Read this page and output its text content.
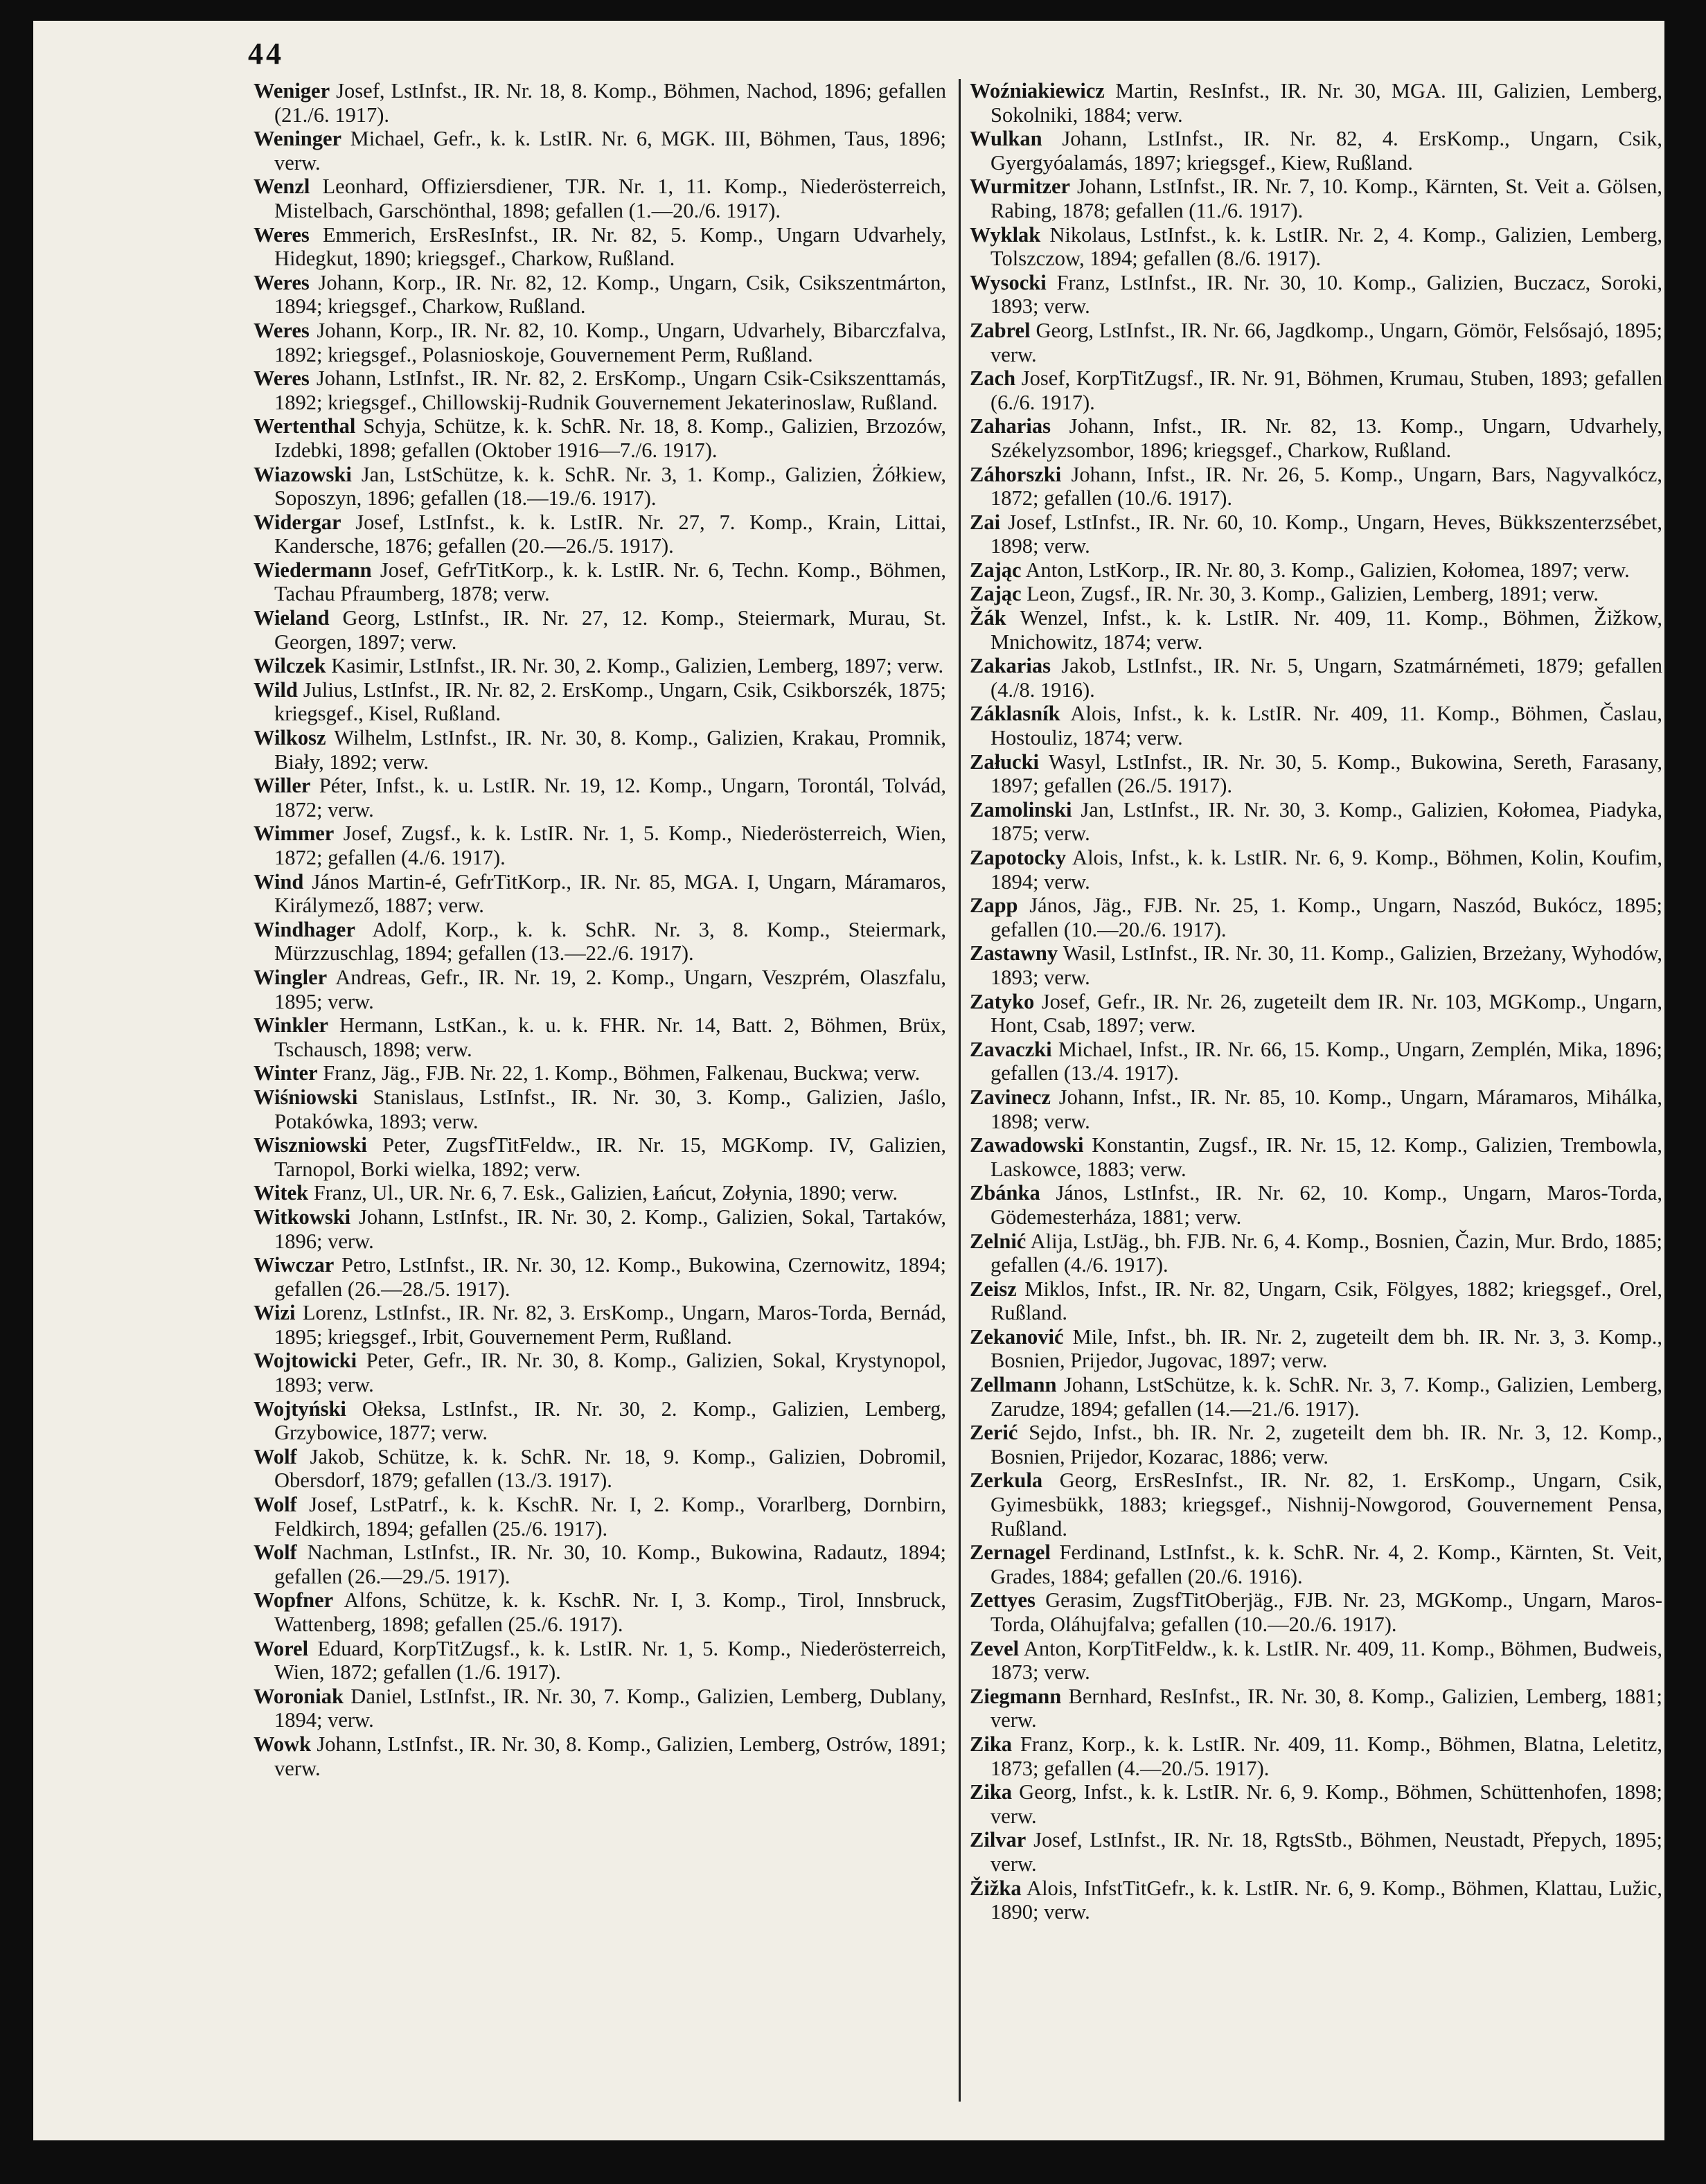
44

Weniger Josef, LstInfst., IR. Nr. 18, 8. Komp., Böhmen, Nachod, 1896; gefallen (21./6. 1917).

Weninger Michael, Gefr., k. k. LstIR. Nr. 6, MGK. III, Böhmen, Taus, 1896; verw.

Wenzl Leonhard, Offiziersdiener, TJR. Nr. 1, 11. Komp., Niederösterreich, Mistelbach, Garschönthal, 1898; gefallen (1.—20./6. 1917).

Weres Emmerich, ErsResInfst., IR. Nr. 82, 5. Komp., Ungarn Udvarhely, Hidegkut, 1890; kriegsgef., Charkow, Rußland.

Weres Johann, Korp., IR. Nr. 82, 12. Komp., Ungarn, Csik, Csikszentmárton, 1894; kriegsgef., Charkow, Rußland.

Weres Johann, Korp., IR. Nr. 82, 10. Komp., Ungarn, Udvarhely, Bibarczfalva, 1892; kriegsgef., Polasnioskoje, Gouvernement Perm, Rußland.

Weres Johann, LstInfst., IR. Nr. 82, 2. ErsKomp., Ungarn Csik-Csikszenttamás, 1892; kriegsgef., Chillowskij-Rudnik Gouvernement Jekaterinoslaw, Rußland.

Wertenthal Schyja, Schütze, k. k. SchR. Nr. 18, 8. Komp., Galizien, Brzozów, Izdebki, 1898; gefallen (Oktober 1916—7./6. 1917).

Wiazowski Jan, LstSchütze, k. k. SchR. Nr. 3, 1. Komp., Galizien, Żółkiew, Soposzyn, 1896; gefallen (18.—19./6. 1917).

Widergar Josef, LstInfst., k. k. LstIR. Nr. 27, 7. Komp., Krain, Littai, Kandersche, 1876; gefallen (20.—26./5. 1917).

Wiedermann Josef, GefrTitKorp., k. k. LstIR. Nr. 6, Techn. Komp., Böhmen, Tachau Pfraumberg, 1878; verw.

Wieland Georg, LstInfst., IR. Nr. 27, 12. Komp., Steiermark, Murau, St. Georgen, 1897; verw.

Wilczek Kasimir, LstInfst., IR. Nr. 30, 2. Komp., Galizien, Lemberg, 1897; verw.

Wild Julius, LstInfst., IR. Nr. 82, 2. ErsKomp., Ungarn, Csik, Csikborszék, 1875; kriegsgef., Kisel, Rußland.

Wilkosz Wilhelm, LstInfst., IR. Nr. 30, 8. Komp., Galizien, Krakau, Promnik, Biały, 1892; verw.

Willer Péter, Infst., k. u. LstIR. Nr. 19, 12. Komp., Ungarn, Torontál, Tolvád, 1872; verw.

Wimmer Josef, Zugsf., k. k. LstIR. Nr. 1, 5. Komp., Niederösterreich, Wien, 1872; gefallen (4./6. 1917).

Wind János Martin-é, GefrTitKorp., IR. Nr. 85, MGA. I, Ungarn, Máramaros, Királymező, 1887; verw.

Windhager Adolf, Korp., k. k. SchR. Nr. 3, 8. Komp., Steiermark, Mürzzuschlag, 1894; gefallen (13.—22./6. 1917).

Wingler Andreas, Gefr., IR. Nr. 19, 2. Komp., Ungarn, Veszprém, Olaszfalu, 1895; verw.

Winkler Hermann, LstKan., k. u. k. FHR. Nr. 14, Batt. 2, Böhmen, Brüx, Tschausch, 1898; verw.

Winter Franz, Jäg., FJB. Nr. 22, 1. Komp., Böhmen, Falkenau, Buckwa; verw.

Wiśniowski Stanislaus, LstInfst., IR. Nr. 30, 3. Komp., Galizien, Jaślo, Potakówka, 1893; verw.

Wiszniowski Peter, ZugsfTitFeldw., IR. Nr. 15, MGKomp. IV, Galizien, Tarnopol, Borki wielka, 1892; verw.

Witek Franz, Ul., UR. Nr. 6, 7. Esk., Galizien, Łańcut, Zołynia, 1890; verw.

Witkowski Johann, LstInfst., IR. Nr. 30, 2. Komp., Galizien, Sokal, Tartaków, 1896; verw.

Wiwczar Petro, LstInfst., IR. Nr. 30, 12. Komp., Bukowina, Czernowitz, 1894; gefallen (26.—28./5. 1917).

Wizi Lorenz, LstInfst., IR. Nr. 82, 3. ErsKomp., Ungarn, Maros-Torda, Bernád, 1895; kriegsgef., Irbit, Gouvernement Perm, Rußland.

Wojtowicki Peter, Gefr., IR. Nr. 30, 8. Komp., Galizien, Sokal, Krystynopol, 1893; verw.

Wojtyński Ołeksa, LstInfst., IR. Nr. 30, 2. Komp., Galizien, Lemberg, Grzybowice, 1877; verw.

Wolf Jakob, Schütze, k. k. SchR. Nr. 18, 9. Komp., Galizien, Dobromil, Obersdorf, 1879; gefallen (13./3. 1917).

Wolf Josef, LstPatrf., k. k. KschR. Nr. I, 2. Komp., Vorarlberg, Dornbirn, Feldkirch, 1894; gefallen (25./6. 1917).

Wolf Nachman, LstInfst., IR. Nr. 30, 10. Komp., Bukowina, Radautz, 1894; gefallen (26.—29./5. 1917).

Wopfner Alfons, Schütze, k. k. KschR. Nr. I, 3. Komp., Tirol, Innsbruck, Wattenberg, 1898; gefallen (25./6. 1917).

Worel Eduard, KorpTitZugsf., k. k. LstIR. Nr. 1, 5. Komp., Niederösterreich, Wien, 1872; gefallen (1./6. 1917).

Woroniak Daniel, LstInfst., IR. Nr. 30, 7. Komp., Galizien, Lemberg, Dublany, 1894; verw.

Wowk Johann, LstInfst., IR. Nr. 30, 8. Komp., Galizien, Lemberg, Ostrów, 1891; verw.

Woźniakiewicz Martin, ResInfst., IR. Nr. 30, MGA. III, Galizien, Lemberg, Sokolniki, 1884; verw.

Wulkan Johann, LstInfst., IR. Nr. 82, 4. ErsKomp., Ungarn, Csik, Gyergyóalamás, 1897; kriegsgef., Kiew, Rußland.

Wurmitzer Johann, LstInfst., IR. Nr. 7, 10. Komp., Kärnten, St. Veit a. Gölsen, Rabing, 1878; gefallen (11./6. 1917).

Wyklak Nikolaus, LstInfst., k. k. LstIR. Nr. 2, 4. Komp., Galizien, Lemberg, Tolszczow, 1894; gefallen (8./6. 1917).

Wysocki Franz, LstInfst., IR. Nr. 30, 10. Komp., Galizien, Buczacz, Soroki, 1893; verw.

Zabrel Georg, LstInfst., IR. Nr. 66, Jagdkomp., Ungarn, Gömör, Felsősajó, 1895; verw.

Zach Josef, KorpTitZugsf., IR. Nr. 91, Böhmen, Krumau, Stuben, 1893; gefallen (6./6. 1917).

Zaharias Johann, Infst., IR. Nr. 82, 13. Komp., Ungarn, Udvarhely, Székelyzsombor, 1896; kriegsgef., Charkow, Rußland.

Záhorszki Johann, Infst., IR. Nr. 26, 5. Komp., Ungarn, Bars, Nagyvalkócz, 1872; gefallen (10./6. 1917).

Zai Josef, LstInfst., IR. Nr. 60, 10. Komp., Ungarn, Heves, Bükkszenterzsébet, 1898; verw.

Zając Anton, LstKorp., IR. Nr. 80, 3. Komp., Galizien, Kołomea, 1897; verw.

Zając Leon, Zugsf., IR. Nr. 30, 3. Komp., Galizien, Lemberg, 1891; verw.

Žák Wenzel, Infst., k. k. LstIR. Nr. 409, 11. Komp., Böhmen, Žižkow, Mnichowitz, 1874; verw.

Zakarias Jakob, LstInfst., IR. Nr. 5, Ungarn, Szatmárnémeti, 1879; gefallen (4./8. 1916).

Záklasník Alois, Infst., k. k. LstIR. Nr. 409, 11. Komp., Böhmen, Časlau, Hostouliz, 1874; verw.

Załucki Wasyl, LstInfst., IR. Nr. 30, 5. Komp., Bukowina, Sereth, Farasany, 1897; gefallen (26./5. 1917).

Zamolinski Jan, LstInfst., IR. Nr. 30, 3. Komp., Galizien, Kołomea, Piadyka, 1875; verw.

Zapotocky Alois, Infst., k. k. LstIR. Nr. 6, 9. Komp., Böhmen, Kolin, Koufim, 1894; verw.

Zapp János, Jäg., FJB. Nr. 25, 1. Komp., Ungarn, Naszód, Bukócz, 1895; gefallen (10.—20./6. 1917).

Zastawny Wasil, LstInfst., IR. Nr. 30, 11. Komp., Galizien, Brzeżany, Wyhodów, 1893; verw.

Zatyko Josef, Gefr., IR. Nr. 26, zugeteilt dem IR. Nr. 103, MGKomp., Ungarn, Hont, Csab, 1897; verw.

Zavaczki Michael, Infst., IR. Nr. 66, 15. Komp., Ungarn, Zemplén, Mika, 1896; gefallen (13./4. 1917).

Zavinecz Johann, Infst., IR. Nr. 85, 10. Komp., Ungarn, Máramaros, Mihálka, 1898; verw.

Zawadowski Konstantin, Zugsf., IR. Nr. 15, 12. Komp., Galizien, Trembowla, Laskowce, 1883; verw.

Zbánka János, LstInfst., IR. Nr. 62, 10. Komp., Ungarn, Maros-Torda, Gödemesterháza, 1881; verw.

Zelnić Alija, LstJäg., bh. FJB. Nr. 6, 4. Komp., Bosnien, Čazin, Mur. Brdo, 1885; gefallen (4./6. 1917).

Zeisz Miklos, Infst., IR. Nr. 82, Ungarn, Csik, Fölgyes, 1882; kriegsgef., Orel, Rußland.

Zekanović Mile, Infst., bh. IR. Nr. 2, zugeteilt dem bh. IR. Nr. 3, 3. Komp., Bosnien, Prijedor, Jugovac, 1897; verw.

Zellmann Johann, LstSchütze, k. k. SchR. Nr. 3, 7. Komp., Galizien, Lemberg, Zarudze, 1894; gefallen (14.—21./6. 1917).

Zerić Sejdo, Infst., bh. IR. Nr. 2, zugeteilt dem bh. IR. Nr. 3, 12. Komp., Bosnien, Prijedor, Kozarac, 1886; verw.

Zerkula Georg, ErsResInfst., IR. Nr. 82, 1. ErsKomp., Ungarn, Csik, Gyimesbükk, 1883; kriegsgef., Nishnij-Nowgorod, Gouvernement Pensa, Rußland.

Zernagel Ferdinand, LstInfst., k. k. SchR. Nr. 4, 2. Komp., Kärnten, St. Veit, Grades, 1884; gefallen (20./6. 1916).

Zettyes Gerasim, ZugsfTitOberjäg., FJB. Nr. 23, MGKomp., Ungarn, Maros-Torda, Oláhujfalva; gefallen (10.—20./6. 1917).

Zevel Anton, KorpTitFeldw., k. k. LstIR. Nr. 409, 11. Komp., Böhmen, Budweis, 1873; verw.

Ziegmann Bernhard, ResInfst., IR. Nr. 30, 8. Komp., Galizien, Lemberg, 1881; verw.

Zika Franz, Korp., k. k. LstIR. Nr. 409, 11. Komp., Böhmen, Blatna, Leletitz, 1873; gefallen (4.—20./5. 1917).

Zika Georg, Infst., k. k. LstIR. Nr. 6, 9. Komp., Böhmen, Schüttenhofen, 1898; verw.

Zilvar Josef, LstInfst., IR. Nr. 18, RgtsStb., Böhmen, Neustadt, Přepych, 1895; verw.

Žižka Alois, InfstTitGefr., k. k. LstIR. Nr. 6, 9. Komp., Böhmen, Klattau, Lužic, 1890; verw.
